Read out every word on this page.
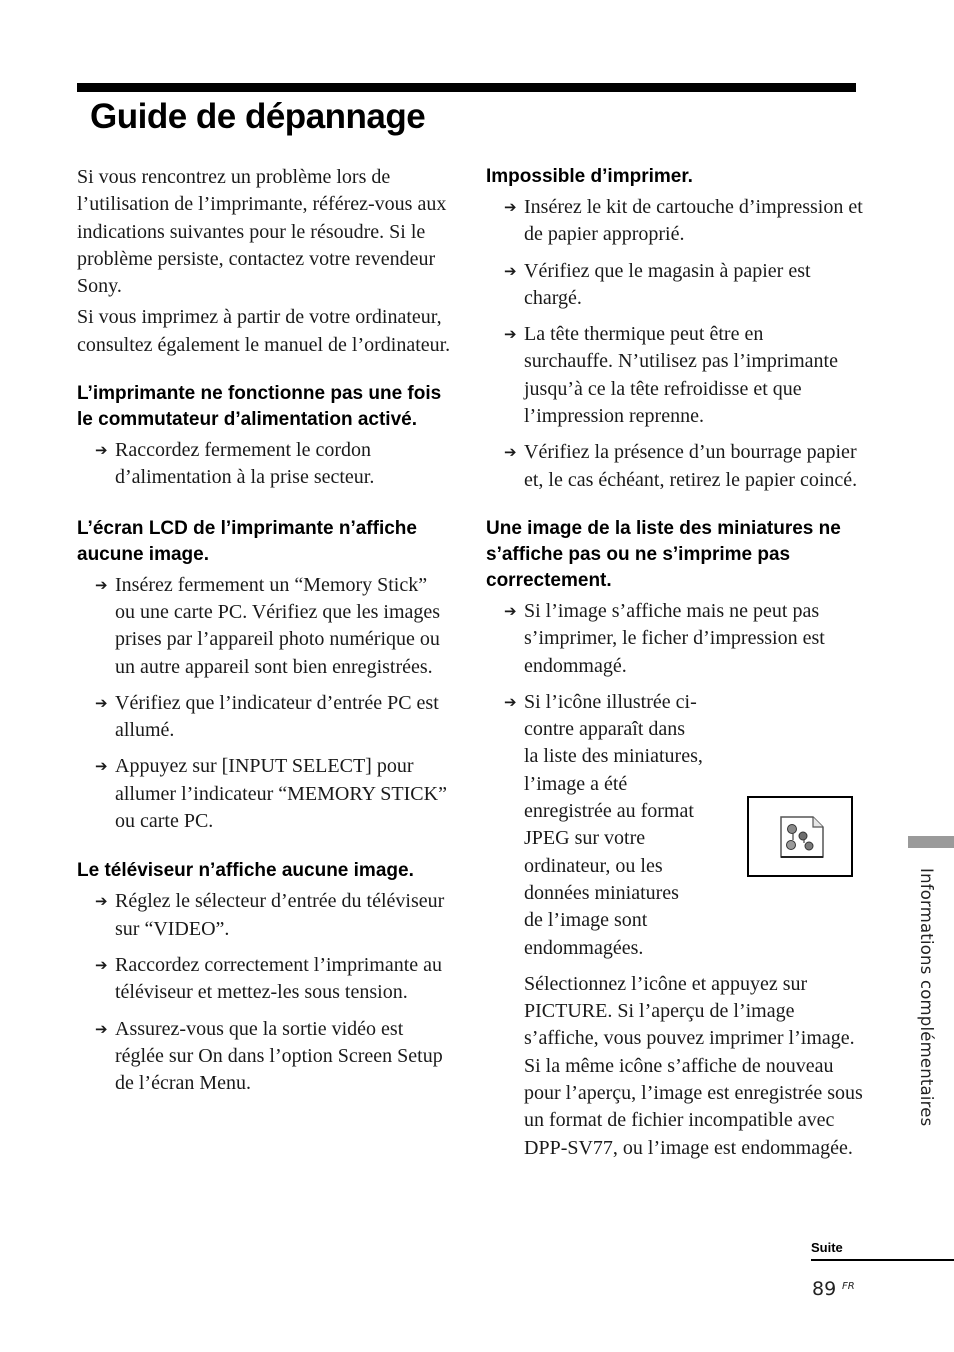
Guide de dépannage

Si vous rencontrez un problème lors de l’utilisation de l’imprimante, référez-vous aux indications suivantes pour le résoudre. Si le problème persiste, contactez votre revendeur Sony.

Si vous imprimez à partir de votre ordinateur, consultez également le manuel de l’ordinateur.

L’imprimante ne fonctionne pas une fois le commutateur d’alimentation activé.

➔ Raccordez fermement le cordon d’alimentation à la prise secteur.

L’écran LCD de l’imprimante n’affiche aucune image.

➔ Insérez fermement un “Memory Stick” ou une carte PC. Vérifiez que les images prises par l’appareil photo numérique ou un autre appareil sont bien enregistrées.
➔ Vérifiez que l’indicateur d’entrée PC est allumé.
➔ Appuyez sur [INPUT SELECT] pour allumer l’indicateur “MEMORY STICK” ou carte PC.

Le téléviseur n’affiche aucune image.

➔ Réglez le sélecteur d’entrée du téléviseur sur “VIDEO”.
➔ Raccordez correctement l’imprimante au téléviseur et mettez-les sous tension.
➔ Assurez-vous que la sortie vidéo est réglée sur On dans l’option Screen Setup de l’écran Menu.

Impossible d’imprimer.

➔ Insérez le kit de cartouche d’impression et de papier approprié.
➔ Vérifiez que le magasin à papier est chargé.
➔ La tête thermique peut être en surchauffe. N’utilisez pas l’imprimante jusqu’à ce la tête refroidisse et que l’impression reprenne.
➔ Vérifiez la présence d’un bourrage papier et, le cas échéant, retirez le papier coincé.

Une image de la liste des miniatures ne s’affiche pas ou ne s’imprime pas correctement.

➔ Si l’image s’affiche mais ne peut pas s’imprimer, le ficher d’impression est endommagé.
➔ Si l’icône illustrée ci-
contre apparaît dans
la liste des miniatures,
l’image a été
enregistrée au format
JPEG sur votre
ordinateur, ou les
données miniatures
de l’image sont
endommagées.

Sélectionnez l’icône et appuyez sur PICTURE. Si l’aperçu de l’image s’affiche, vous pouvez imprimer l’image. Si la même icône s’affiche de nouveau pour l’aperçu, l’image est enregistrée sous un format de fichier incompatible avec DPP-SV77, ou l’image est endommagée.

Informations complémentaires
Suite
89 FR
